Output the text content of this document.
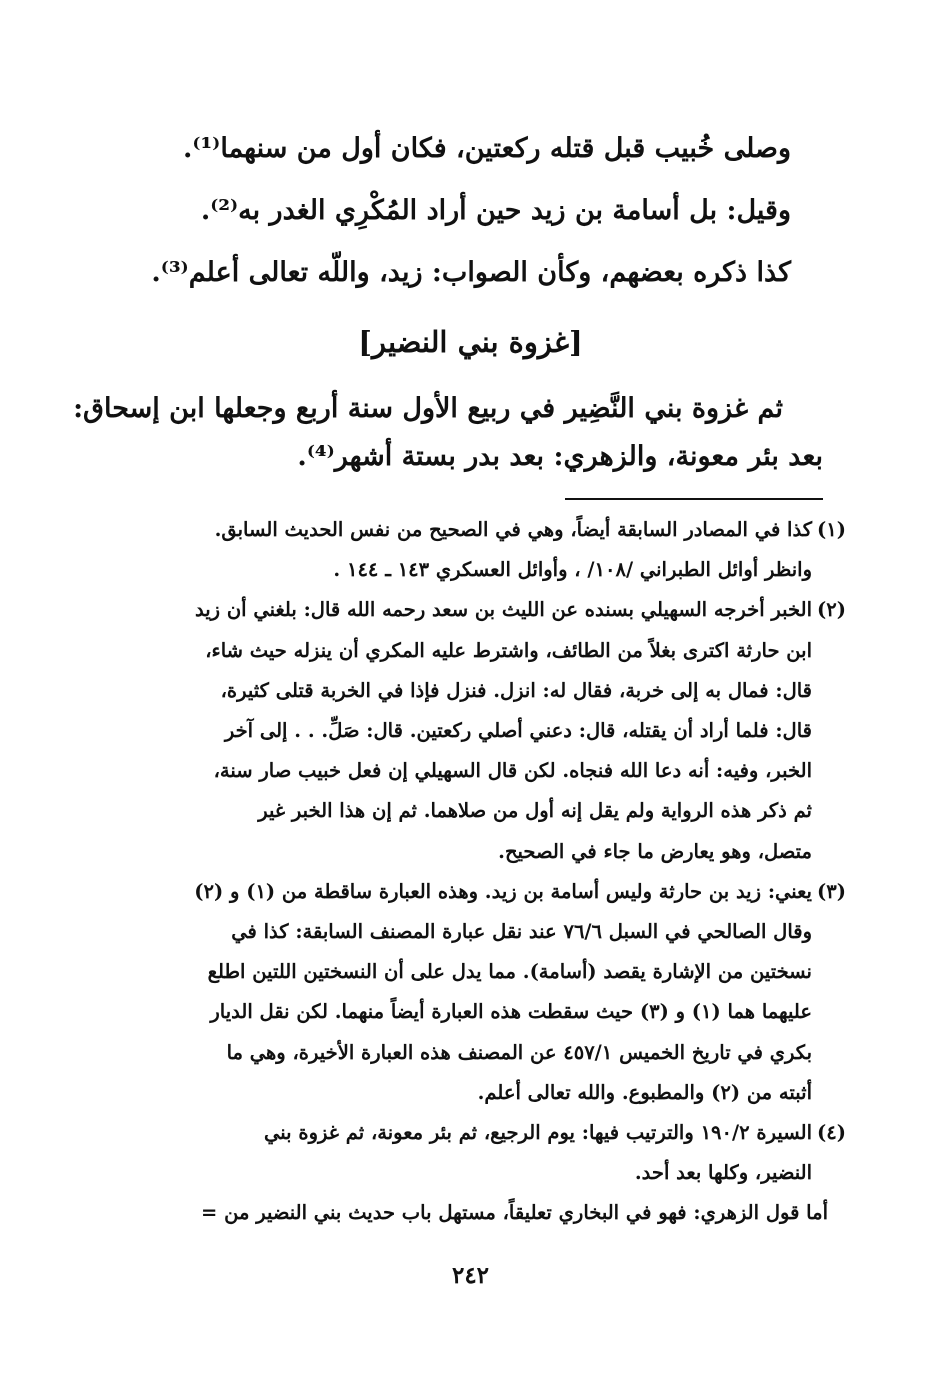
وصلى خُبيب قبل قتله ركعتين، فكان أول من سنهما⁽¹⁾.

وقيل: بل أسامة بن زيد حين أراد المُكْرِي الغدر به⁽²⁾.

كذا ذكره بعضهم، وكأن الصواب: زيد، واللّه تعالى أعلم⁽³⁾.

[غزوة بني النضير]
ثم غزوة بني النَّضِير في ربيع الأول سنة أربع وجعلها ابن إسحاق:
بعد بئر معونة، والزهري: بعد بدر بستة أشهر⁽⁴⁾.
(١)
كذا في المصادر السابقة أيضاً، وهي في الصحيح من نفس الحديث السابق.
وانظر أوائل الطبراني /١٠٨/ ، وأوائل العسكري ١٤٣ ـ ١٤٤ .
(٢)
الخبر أخرجه السهيلي بسنده عن الليث بن سعد رحمه الله قال: بلغني أن زيد
ابن حارثة اكترى بغلاً من الطائف، واشترط عليه المكري أن ينزله حيث شاء،
قال: فمال به إلى خربة، فقال له: انزل. فنزل فإذا في الخربة قتلى كثيرة،
قال: فلما أراد أن يقتله، قال: دعني أصلي ركعتين. قال: صَلِّ. . . إلى آخر
الخبر، وفيه: أنه دعا الله فنجاه. لكن قال السهيلي إن فعل خبيب صار سنة،
ثم ذكر هذه الرواية ولم يقل إنه أول من صلاهما. ثم إن هذا الخبر غير
متصل، وهو يعارض ما جاء في الصحيح.
(٣)
يعني: زيد بن حارثة وليس أسامة بن زيد. وهذه العبارة ساقطة من (١) و (٢)
وقال الصالحي في السبل ٧٦/٦ عند نقل عبارة المصنف السابقة: كذا في
نسختين من الإشارة يقصد (أسامة). مما يدل على أن النسختين اللتين اطلع
عليهما هما (١) و (٣) حيث سقطت هذه العبارة أيضاً منهما. لكن نقل الديار
بكري في تاريخ الخميس ٤٥٧/١ عن المصنف هذه العبارة الأخيرة، وهي ما
أثبته من (٢) والمطبوع. والله تعالى أعلم.
(٤)
السيرة ١٩٠/٢ والترتيب فيها: يوم الرجيع، ثم بئر معونة، ثم غزوة بني
النضير، وكلها بعد أحد.

أما قول الزهري: فهو في البخاري تعليقاً، مستهل باب حديث بني النضير من =

٢٤٢
